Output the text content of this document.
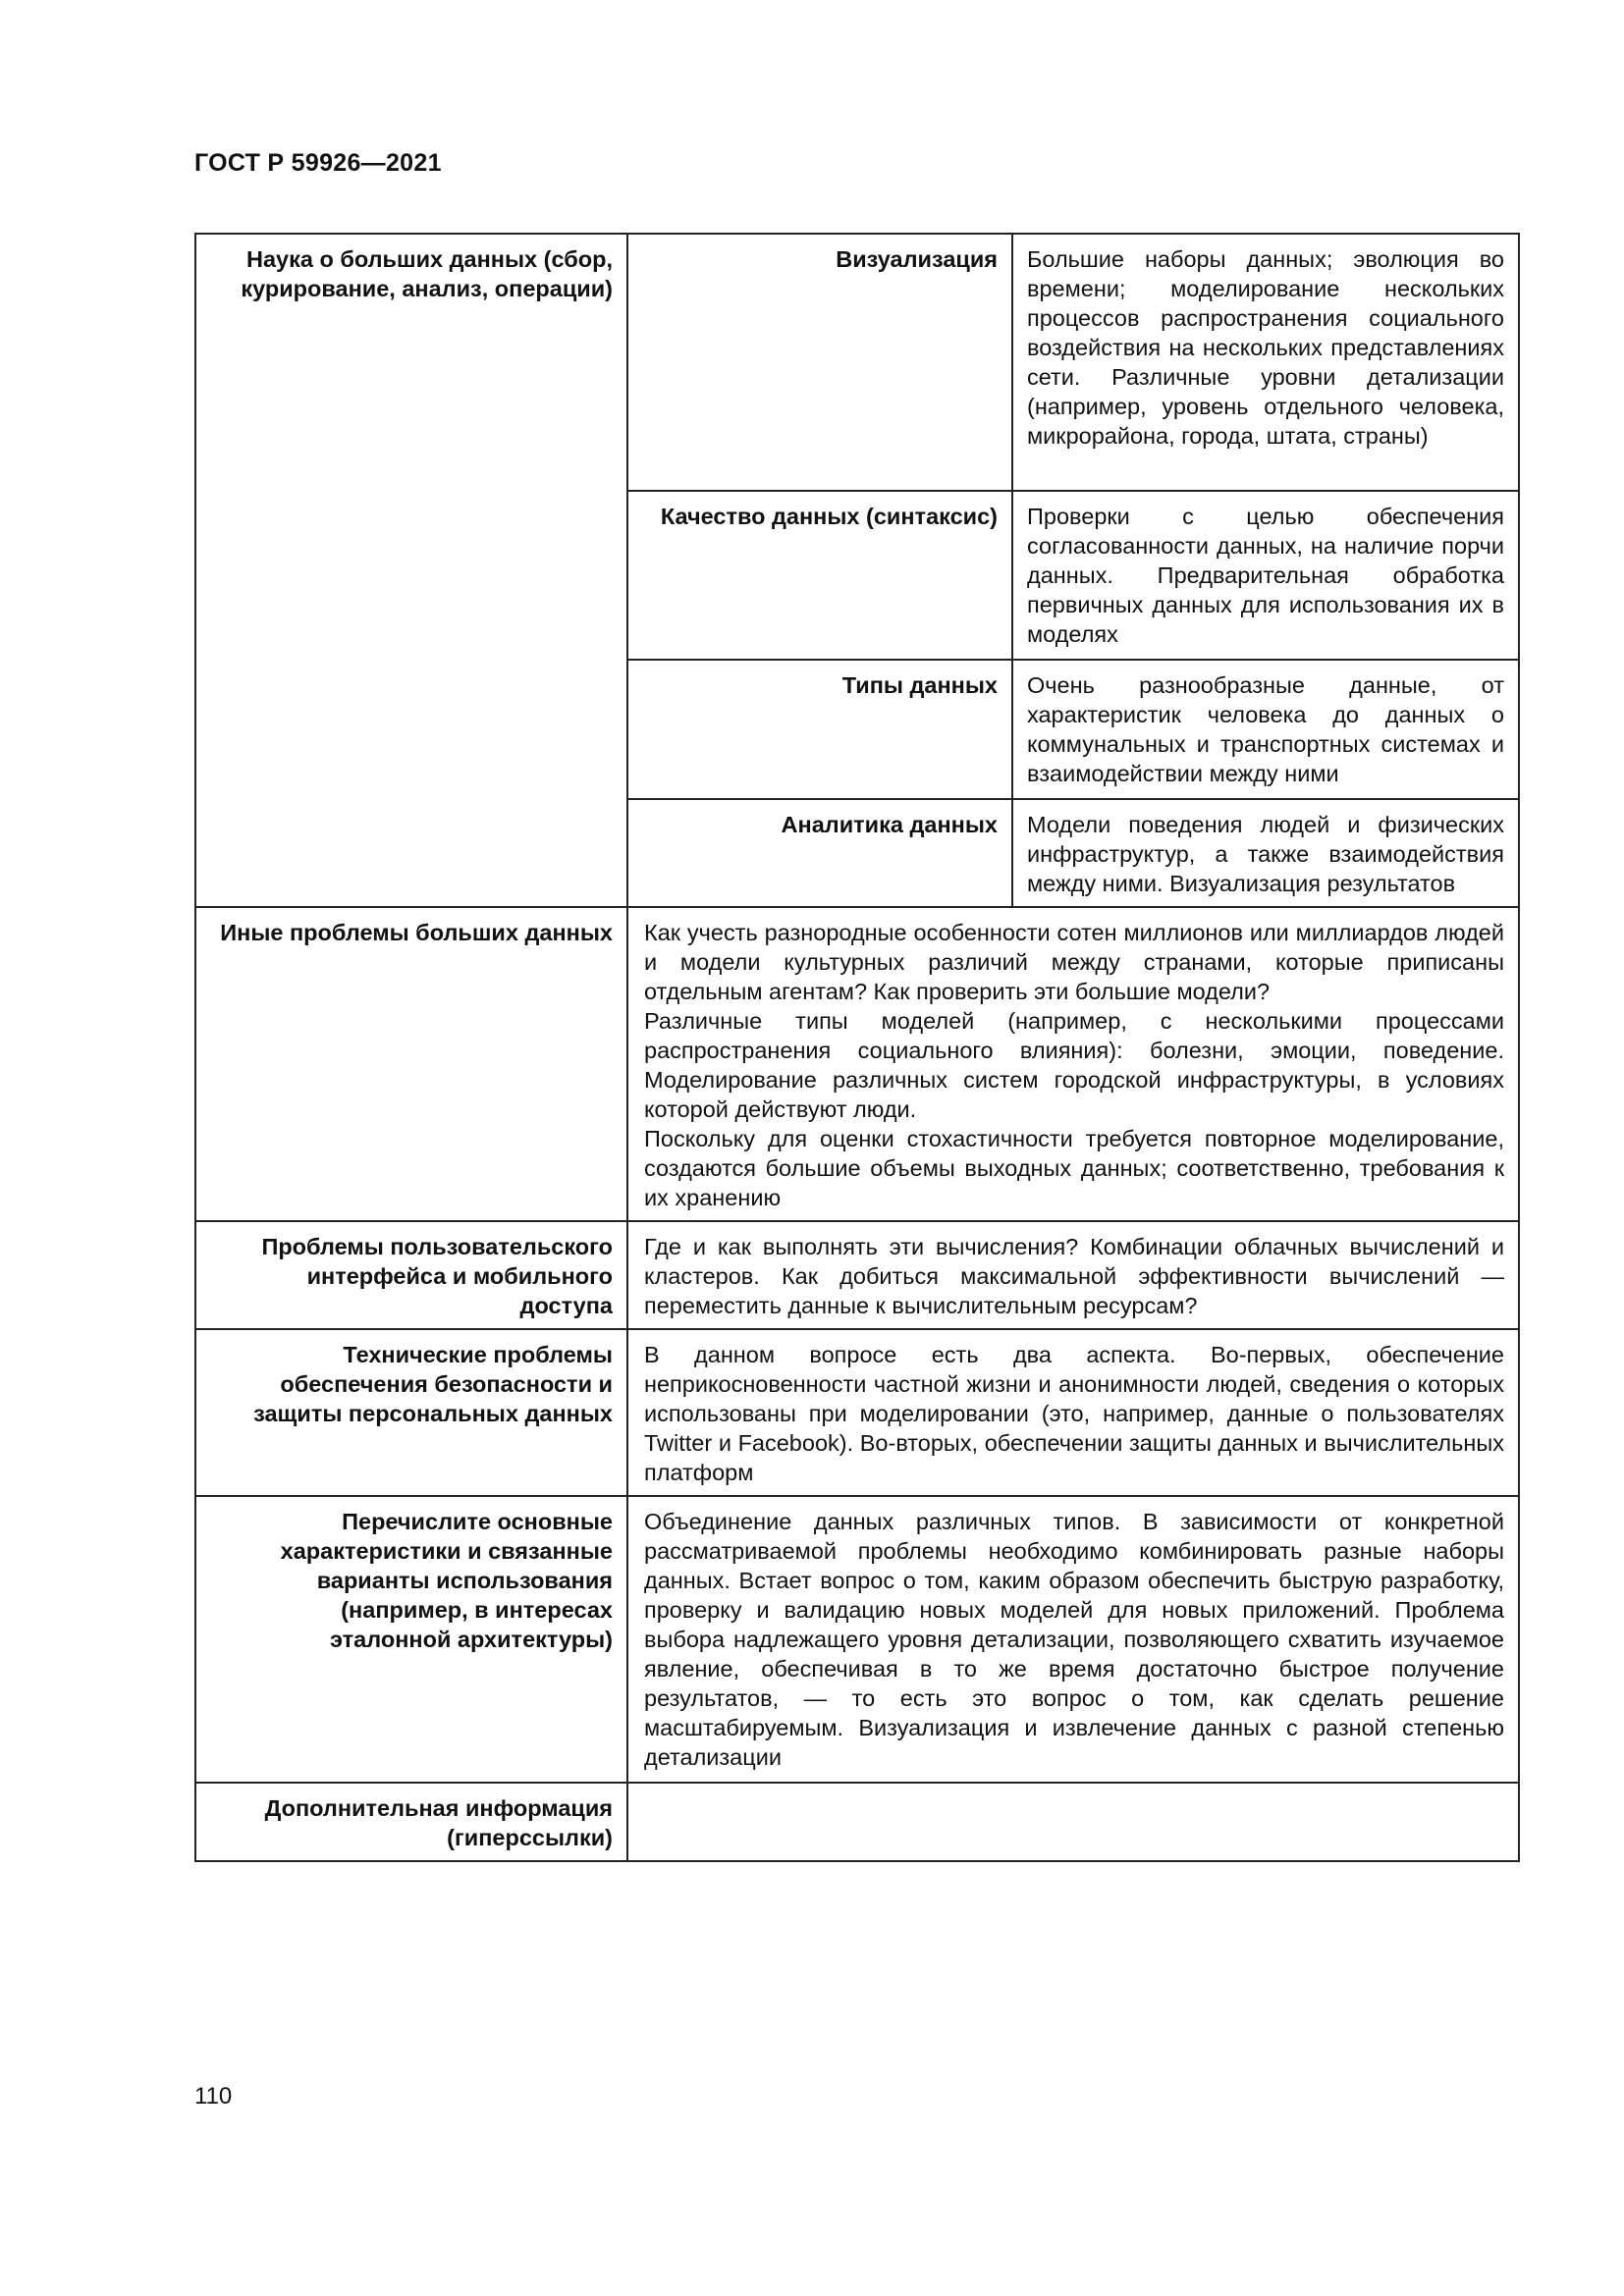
ГОСТ Р 59926—2021
Наука о больших данных (сбор, курирование, анализ, операции)	Визуализация	Большие наборы данных; эволюция во времени; моделирование нескольких процессов распространения социального воздействия на нескольких представлениях сети. Различные уровни детализации (например, уровень отдельного человека, микрорайона, города, штата, страны)
	Качество данных (синтаксис)	Проверки с целью обеспечения согласованности данных, на наличие порчи данных. Предварительная обработка первичных данных для использования их в моделях
	Типы данных	Очень разнообразные данные, от характеристик человека до данных о коммунальных и транспортных системах и взаимодействии между ними
	Аналитика данных	Модели поведения людей и физических инфраструктур, а также взаимодействия между ними. Визуализация результатов
Иные проблемы больших данных	Как учесть разнородные особенности сотен миллионов или миллиардов людей и модели культурных различий между странами, которые приписаны отдельным агентам? Как проверить эти большие модели?
Различные типы моделей (например, с несколькими процессами распространения социального влияния): болезни, эмоции, поведение. Моделирование различных систем городской инфраструктуры, в условиях которой действуют люди.
Поскольку для оценки стохастичности требуется повторное моделирование, создаются большие объемы выходных данных; соответственно, требования к их хранению	

Проблемы пользовательского интерфейса и мобильного доступа	Где и как выполнять эти вычисления? Комбинации облачных вычислений и кластеров. Как добиться максимальной эффективности вычислений — переместить данные к вычислительным ресурсам?	
Технические проблемы обеспечения безопасности и защиты персональных данных	В данном вопросе есть два аспекта. Во-первых, обеспечение неприкосновенности частной жизни и анонимности людей, сведения о которых использованы при моделировании (это, например, данные о пользователях Twitter и Facebook). Во-вторых, обеспечении защиты данных и вычислительных платформ	
Перечислите основные характеристики и связанные варианты использования (например, в интересах эталонной архитектуры)	Объединение данных различных типов. В зависимости от конкретной рассматриваемой проблемы необходимо комбинировать разные наборы данных. Встает вопрос о том, каким образом обеспечить быструю разработку, проверку и валидацию новых моделей для новых приложений. Проблема выбора надлежащего уровня детализации, позволяющего схватить изучаемое явление, обеспечивая в то же время достаточно быстрое получение результатов, — то есть это вопрос о том, как сделать решение масштабируемым. Визуализация и извлечение данных с разной степенью детализации	
Дополнительная информация (гиперссылки)		
110
